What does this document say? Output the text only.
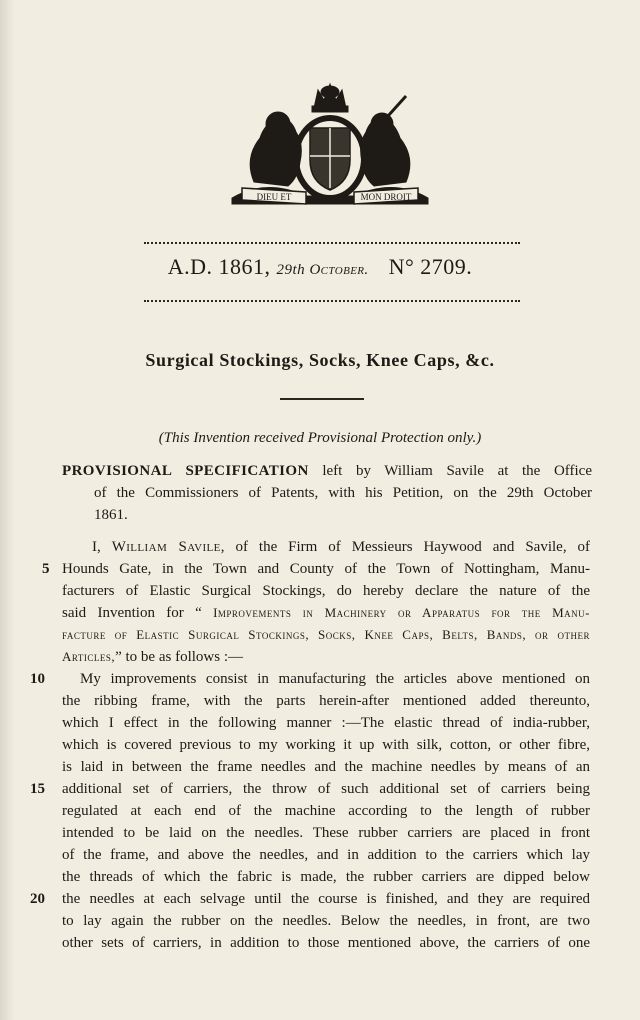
DIEU ET	MON DROIT
A.D. 1861, 29th October. N° 2709.
Surgical Stockings, Socks, Knee Caps, &c.
(This Invention received Provisional Protection only.)
PROVISIONAL SPECIFICATION left by William Savile at the Office
of the Commissioners of Patents, with his Petition, on the 29th October
1861.
I, William Savile, of the Firm of Messieurs Haywood and Savile, of
Hounds Gate, in the Town and County of the Town of Nottingham, Manu-
facturers of Elastic Surgical Stockings, do hereby declare the nature of the
said Invention for “ Improvements in Machinery or Apparatus for the Manu-
facture of Elastic Surgical Stockings, Socks, Knee Caps, Belts, Bands, or other
Articles,” to be as follows :—
My improvements consist in manufacturing the articles above mentioned on
the ribbing frame, with the parts herein-after mentioned added thereunto,
which I effect in the following manner :—The elastic thread of india-rubber,
which is covered previous to my working it up with silk, cotton, or other fibre,
is laid in between the frame needles and the machine needles by means of an
additional set of carriers, the throw of such additional set of carriers being
regulated at each end of the machine according to the length of rubber
intended to be laid on the needles. These rubber carriers are placed in front
of the frame, and above the needles, and in addition to the carriers which lay
the threads of which the fabric is made, the rubber carriers are dipped below
the needles at each selvage until the course is finished, and they are required
to lay again the rubber on the needles. Below the needles, in front, are two
other sets of carriers, in addition to those mentioned above, the carriers of one
5
10
15
20
